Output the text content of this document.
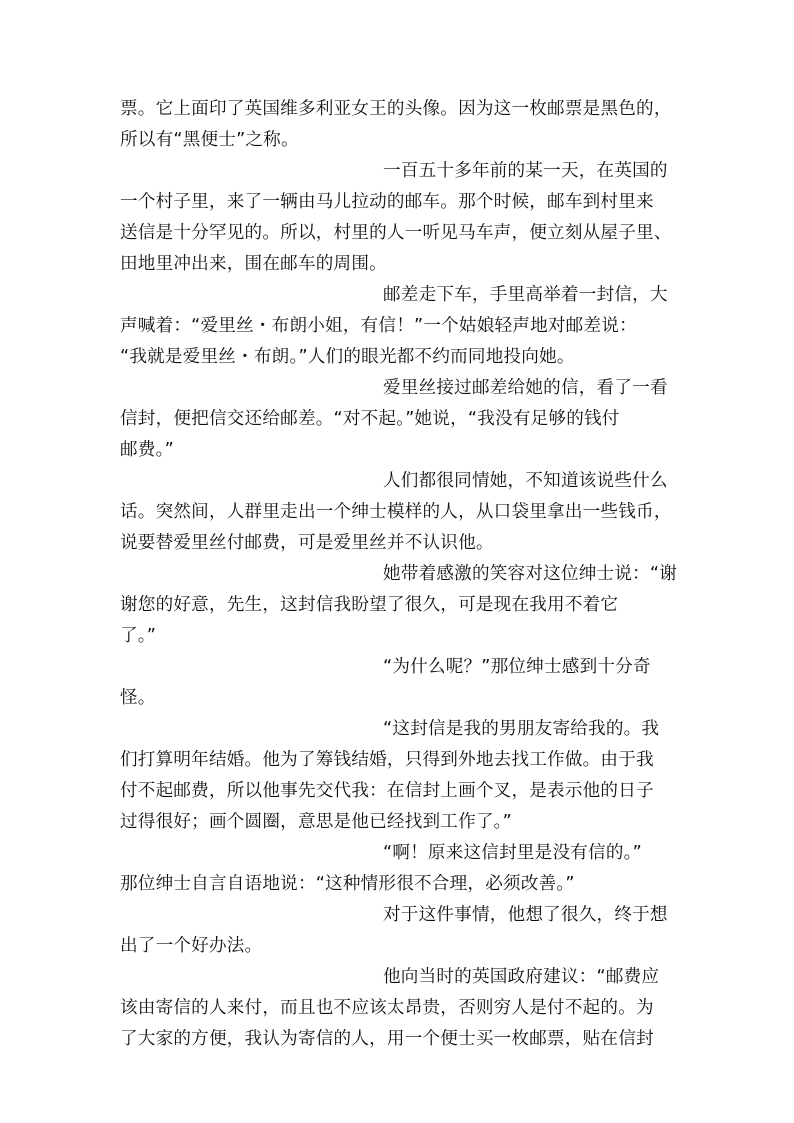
票。它上面印了英国维多利亚女王的头像。因为这一枚邮票是黑色的，
所以有“黑便士”之称。
一百五十多年前的某一天，在英国的
一个村子里，来了一辆由马儿拉动的邮车。那个时候，邮车到村里来
送信是十分罕见的。所以，村里的人一听见马车声，便立刻从屋子里、
田地里冲出来，围在邮车的周围。
邮差走下车，手里高举着一封信，大
声喊着：“爱里丝・布朗小姐，有信！”一个姑娘轻声地对邮差说：
“我就是爱里丝・布朗。”人们的眼光都不约而同地投向她。
爱里丝接过邮差给她的信，看了一看
信封，便把信交还给邮差。“对不起。”她说，“我没有足够的钱付
邮费。”
人们都很同情她，不知道该说些什么
话。突然间，人群里走出一个绅士模样的人，从口袋里拿出一些钱币，
说要替爱里丝付邮费，可是爱里丝并不认识他。
她带着感激的笑容对这位绅士说：“谢
谢您的好意，先生，这封信我盼望了很久，可是现在我用不着它
了。”
“为什么呢？”那位绅士感到十分奇
怪。
“这封信是我的男朋友寄给我的。我
们打算明年结婚。他为了筹钱结婚，只得到外地去找工作做。由于我
付不起邮费，所以他事先交代我：在信封上画个叉，是表示他的日子
过得很好；画个圆圈，意思是他已经找到工作了。”
“啊！原来这信封里是没有信的。”
那位绅士自言自语地说：“这种情形很不合理，必须改善。”
对于这件事情，他想了很久，终于想
出了一个好办法。
他向当时的英国政府建议：“邮费应
该由寄信的人来付，而且也不应该太昂贵，否则穷人是付不起的。为
了大家的方便，我认为寄信的人，用一个便士买一枚邮票，贴在信封
